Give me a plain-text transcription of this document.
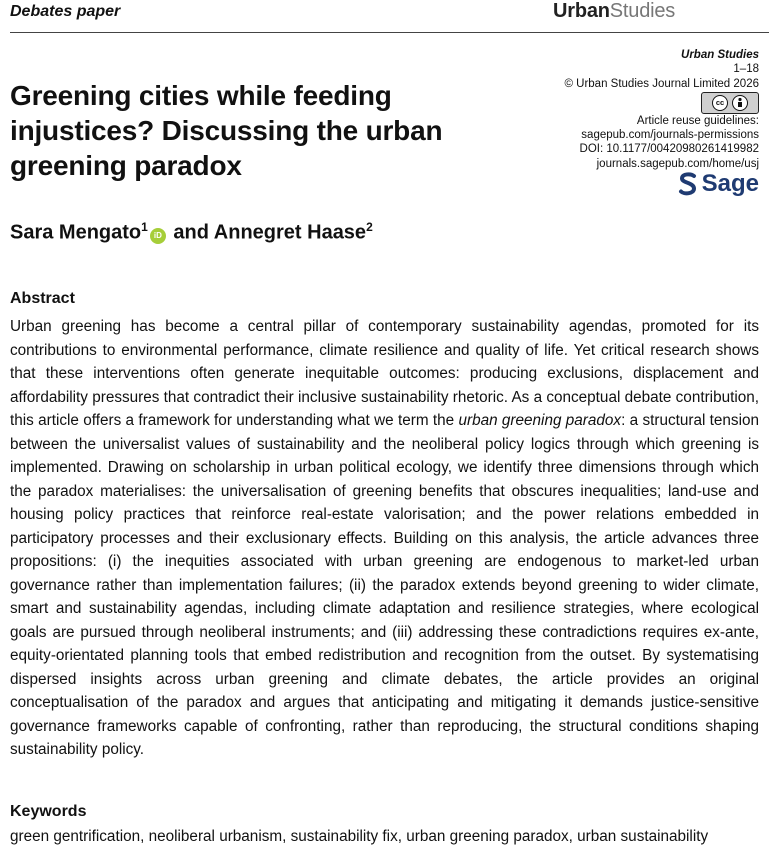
Debates paper	UrbanStudies
Urban Studies
1–18
© Urban Studies Journal Limited 2026
cc
Article reuse guidelines:
sagepub.com/journals-permissions
DOI: 10.1177/00420980261419982
journals.sagepub.com/home/usj
Sage
Greening cities while feeding injustices? Discussing the urban greening paradox
Sara Mengato$^1$iD and Annegret Haase$^2$
Abstract
Urban greening has become a central pillar of contemporary sustainability agendas, promoted for its contributions to environmental performance, climate resilience and quality of life. Yet critical research shows that these interventions often generate inequitable outcomes: producing exclusions, displacement and affordability pressures that contradict their inclusive sustainability rhetoric. As a conceptual debate contribution, this article offers a framework for understanding what we term the urban greening paradox: a structural tension between the universalist values of sustainability and the neoliberal policy logics through which greening is implemented. Drawing on scholarship in urban political ecology, we identify three dimensions through which the paradox materialises: the universalisation of greening benefits that obscures inequalities; land-use and housing policy practices that reinforce real-estate valorisation; and the power relations embedded in participatory processes and their exclusionary effects. Building on this analysis, the article advances three propositions: (i) the inequities associated with urban greening are endogenous to market-led urban governance rather than implementation failures; (ii) the paradox extends beyond greening to wider climate, smart and sustainability agendas, including climate adaptation and resilience strategies, where ecological goals are pursued through neoliberal instruments; and (iii) addressing these contradictions requires ex-ante, equity-orientated planning tools that embed redistribution and recognition from the outset. By systematising dispersed insights across urban greening and climate debates, the article provides an original conceptualisation of the paradox and argues that anticipating and mitigating it demands justice-sensitive governance frameworks capable of confronting, rather than reproducing, the structural conditions shaping sustainability policy.
Keywords
green gentrification, neoliberal urbanism, sustainability fix, urban greening paradox, urban sustainability
